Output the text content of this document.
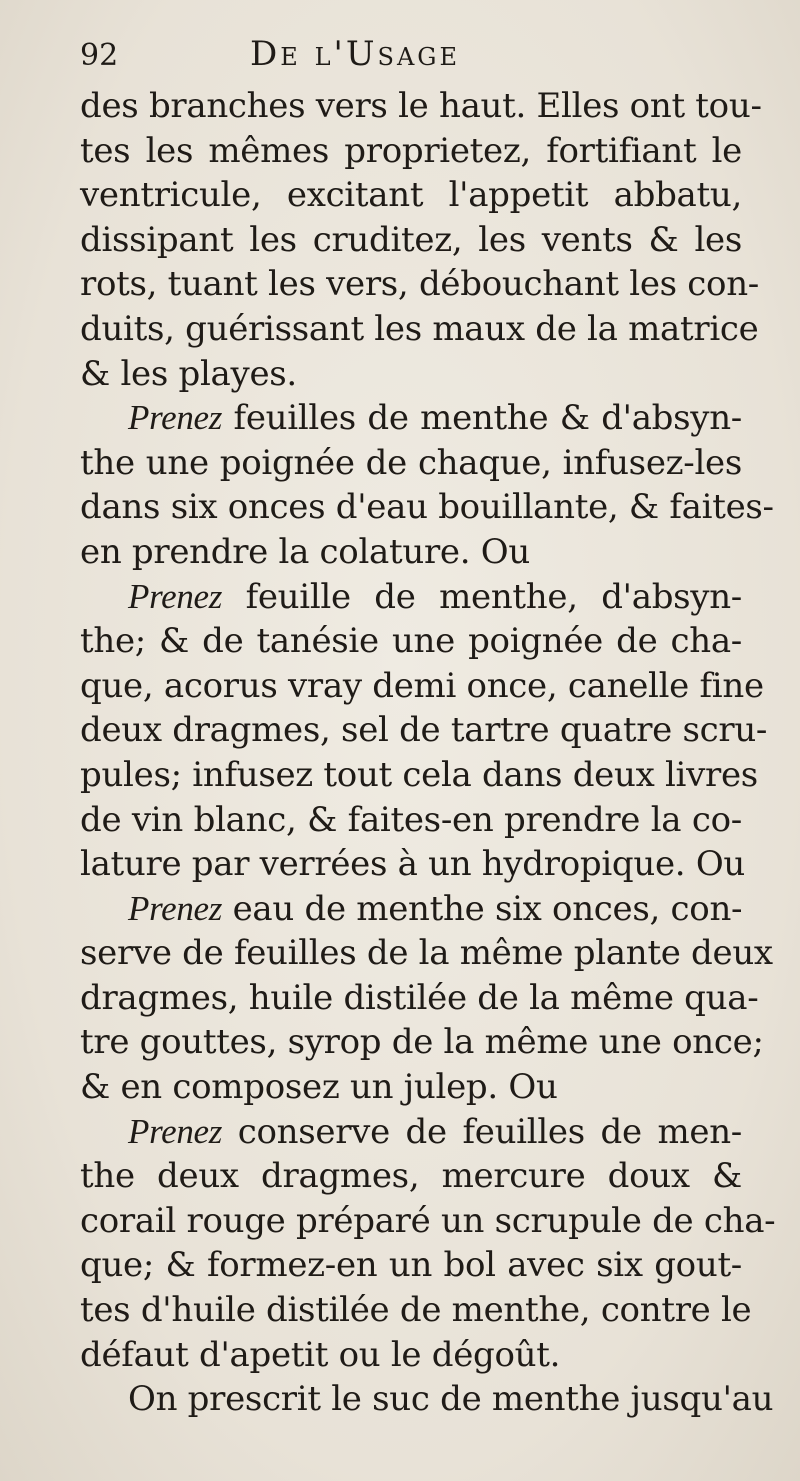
92	De l'Usage

des branches vers le haut. Elles ont tou-
tes les mêmes proprietez, fortifiant le
ventricule, excitant l'appetit abbatu,
dissipant les cruditez, les vents & les
rots, tuant les vers, débouchant les con-
duits, guérissant les maux de la matrice
& les playes.

Prenez feuilles de menthe & d'absyn-
the une poignée de chaque, infusez-les
dans six onces d'eau bouillante, & faites-
en prendre la colature. Ou

Prenez feuille de menthe, d'absyn-
the; & de tanésie une poignée de cha-
que, acorus vray demi once, canelle fine
deux dragmes, sel de tartre quatre scru-
pules; infusez tout cela dans deux livres
de vin blanc, & faites-en prendre la co-
lature par verrées à un hydropique. Ou

Prenez eau de menthe six onces, con-
serve de feuilles de la même plante deux
dragmes, huile distilée de la même qua-
tre gouttes, syrop de la même une once;
& en composez un julep. Ou

Prenez conserve de feuilles de men-
the deux dragmes, mercure doux &
corail rouge préparé un scrupule de cha-
que; & formez-en un bol avec six gout-
tes d'huile distilée de menthe, contre le
défaut d'apetit ou le dégoût.

On prescrit le suc de menthe jusqu'au
